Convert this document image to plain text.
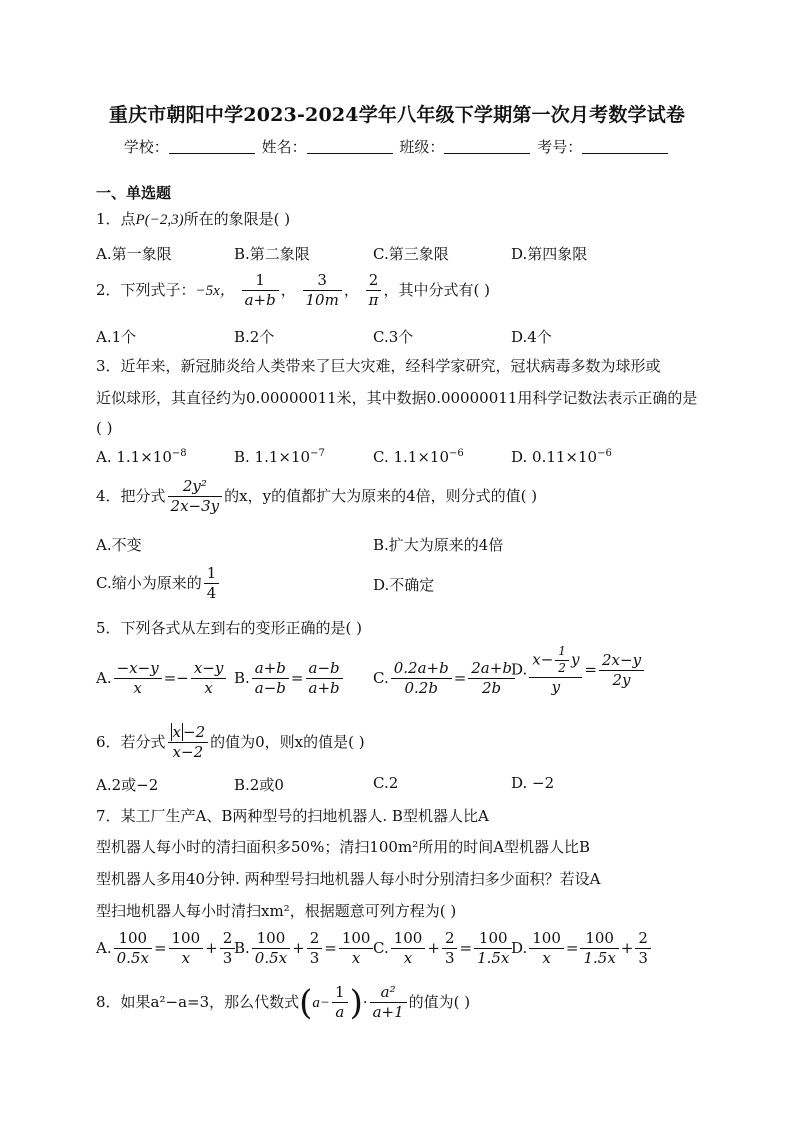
重庆市朝阳中学2023-2024学年八年级下学期第一次月考数学试卷
学校：	姓名：	班级：	考号：
一、单选题
1．点P(−2,3)所在的象限是( )
A.第一象限	B.第二象限	C.第三象限	D.第四象限
2．下列式子：−5x， $\frac{1}{a+b}$ ， $\frac{3}{10m}$ ， $\frac{2}{\pi}$ ，其中分式有( )
A.1个	B.2个	C.3个	D.4个
3．近年来，新冠肺炎给人类带来了巨大灾难，经科学家研究，冠状病毒多数为球形或
近似球形，其直径约为0.00000011米，其中数据0.00000011用科学记数法表示正确的是
( )
A. $1.1\times 10^{-8}$	B. $1.1\times 10^{-7}$	C. $1.1\times 10^{-6}$	D. $0.11\times 10^{-6}$
4．把分式 $\frac{\text{2y²}}{2x-3y}$ 的x，y的值都扩大为原来的4倍，则分式的值( )
A.不变	B.扩大为原来的4倍
C.缩小为原来的 $\frac{1}{4}$	D.不确定
5．下列各式从左到右的变形正确的是( )
A. $\frac{-x-y}{x} =- \frac{x-y}{x} B$. $\frac{a+b}{a-b} = \frac{a-b}{a+b} C$. $\frac{0.2a+b}{0.2b} = \frac{2a+b}{2b}$
D. $\frac{x- \frac{1}{2} y}{y} = \frac{2x-y}{2y}$
6．若分式 $\frac{x -2}{x-2}$ 的值为0，则x的值是( )
A.2或−2	B.2或0	C.2	D. −2
7．某工厂生产A、B两种型号的扫地机器人. B型机器人比A
型机器人每小时的清扫面积多50%；清扫100m²所用的时间A型机器人比B
型机器人多用40分钟. 两种型号扫地机器人每小时分别清扫多少面积？若设A
型扫地机器人每小时清扫xm²，根据题意可列方程为( )
A. $\frac{100}{0.5x} = \frac{100}{x} + \frac{2}{3}$
B. $\frac{100}{0.5x} + \frac{2}{3} = \frac{100}{x} C$. $\frac{100}{x} + \frac{2}{3} = \frac{100}{1.5x}$
D. $\frac{100}{x} = \frac{100}{1.5x} + \frac{2}{3}$
8．如果a²−a=3，那么代数式($a- \frac{1}{a}$ )· $\frac{\text{a²}}{a+1}$ 的值为( )
